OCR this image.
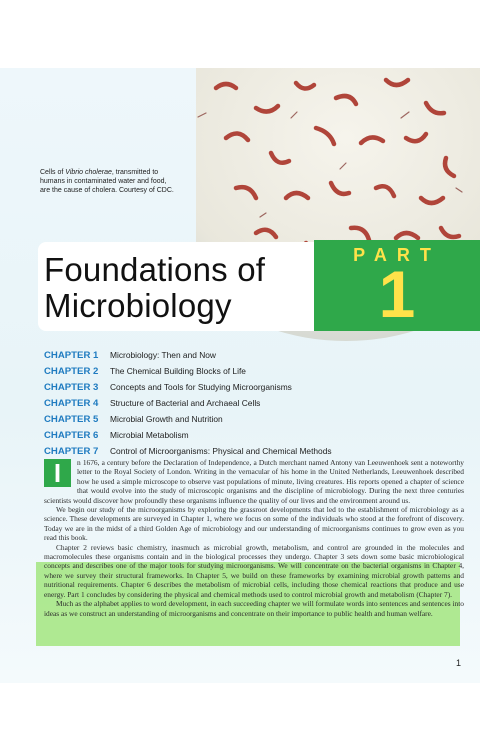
Cells of Vibrio cholerae, transmitted to
humans in contaminated water and food,
are the cause of cholera. Courtesy of CDC.
Foundations of
Microbiology
PART
1
CHAPTER 1	Microbiology: Then and Now
CHAPTER 2	The Chemical Building Blocks of Life
CHAPTER 3	Concepts and Tools for Studying Microorganisms
CHAPTER 4	Structure of Bacterial and Archaeal Cells
CHAPTER 5	Microbial Growth and Nutrition
CHAPTER 6	Microbial Metabolism
CHAPTER 7	Control of Microorganisms: Physical and Chemical Methods

I	n 1676, a century before the Declaration of Independence, a Dutch merchant named Antony van Leeuwenhoek sent a noteworthy letter to the Royal Society of London. Writing in the vernacular of his home in the United Netherlands, Leeuwenhoek described how he used a simple microscope to observe vast populations of minute, living creatures. His reports opened a chapter of science that would evolve into the study of microscopic organisms and the discipline of microbiology. During the next three centuries scientists would discover how profoundly these organisms influence the quality of our lives and the environment around us.

We begin our study of the microorganisms by exploring the grassroot developments that led to the establishment of microbiology as a science. These developments are surveyed in Chapter 1, where we focus on some of the individuals who stood at the forefront of discovery. Today we are in the midst of a third Golden Age of microbiology and our understanding of microorganisms continues to grow even as you read this book.

Chapter 2 reviews basic chemistry, inasmuch as microbial growth, metabolism, and control are grounded in the molecules and macromolecules these organisms contain and in the biological processes they undergo. Chapter 3 sets down some basic microbiological concepts and describes one of the major tools for studying microorganisms. We will concentrate on the bacterial organisms in Chapter 4, where we survey their structural frameworks. In Chapter 5, we build on these frameworks by examining microbial growth patterns and nutritional requirements. Chapter 6 describes the metabolism of microbial cells, including those chemical reactions that produce and use energy. Part 1 concludes by considering the physical and chemical methods used to control microbial growth and metabolism (Chapter 7).

Much as the alphabet applies to word development, in each succeeding chapter we will formulate words into sentences and sentences into ideas as we construct an understanding of microorganisms and concentrate on their importance to public health and human welfare.

1
